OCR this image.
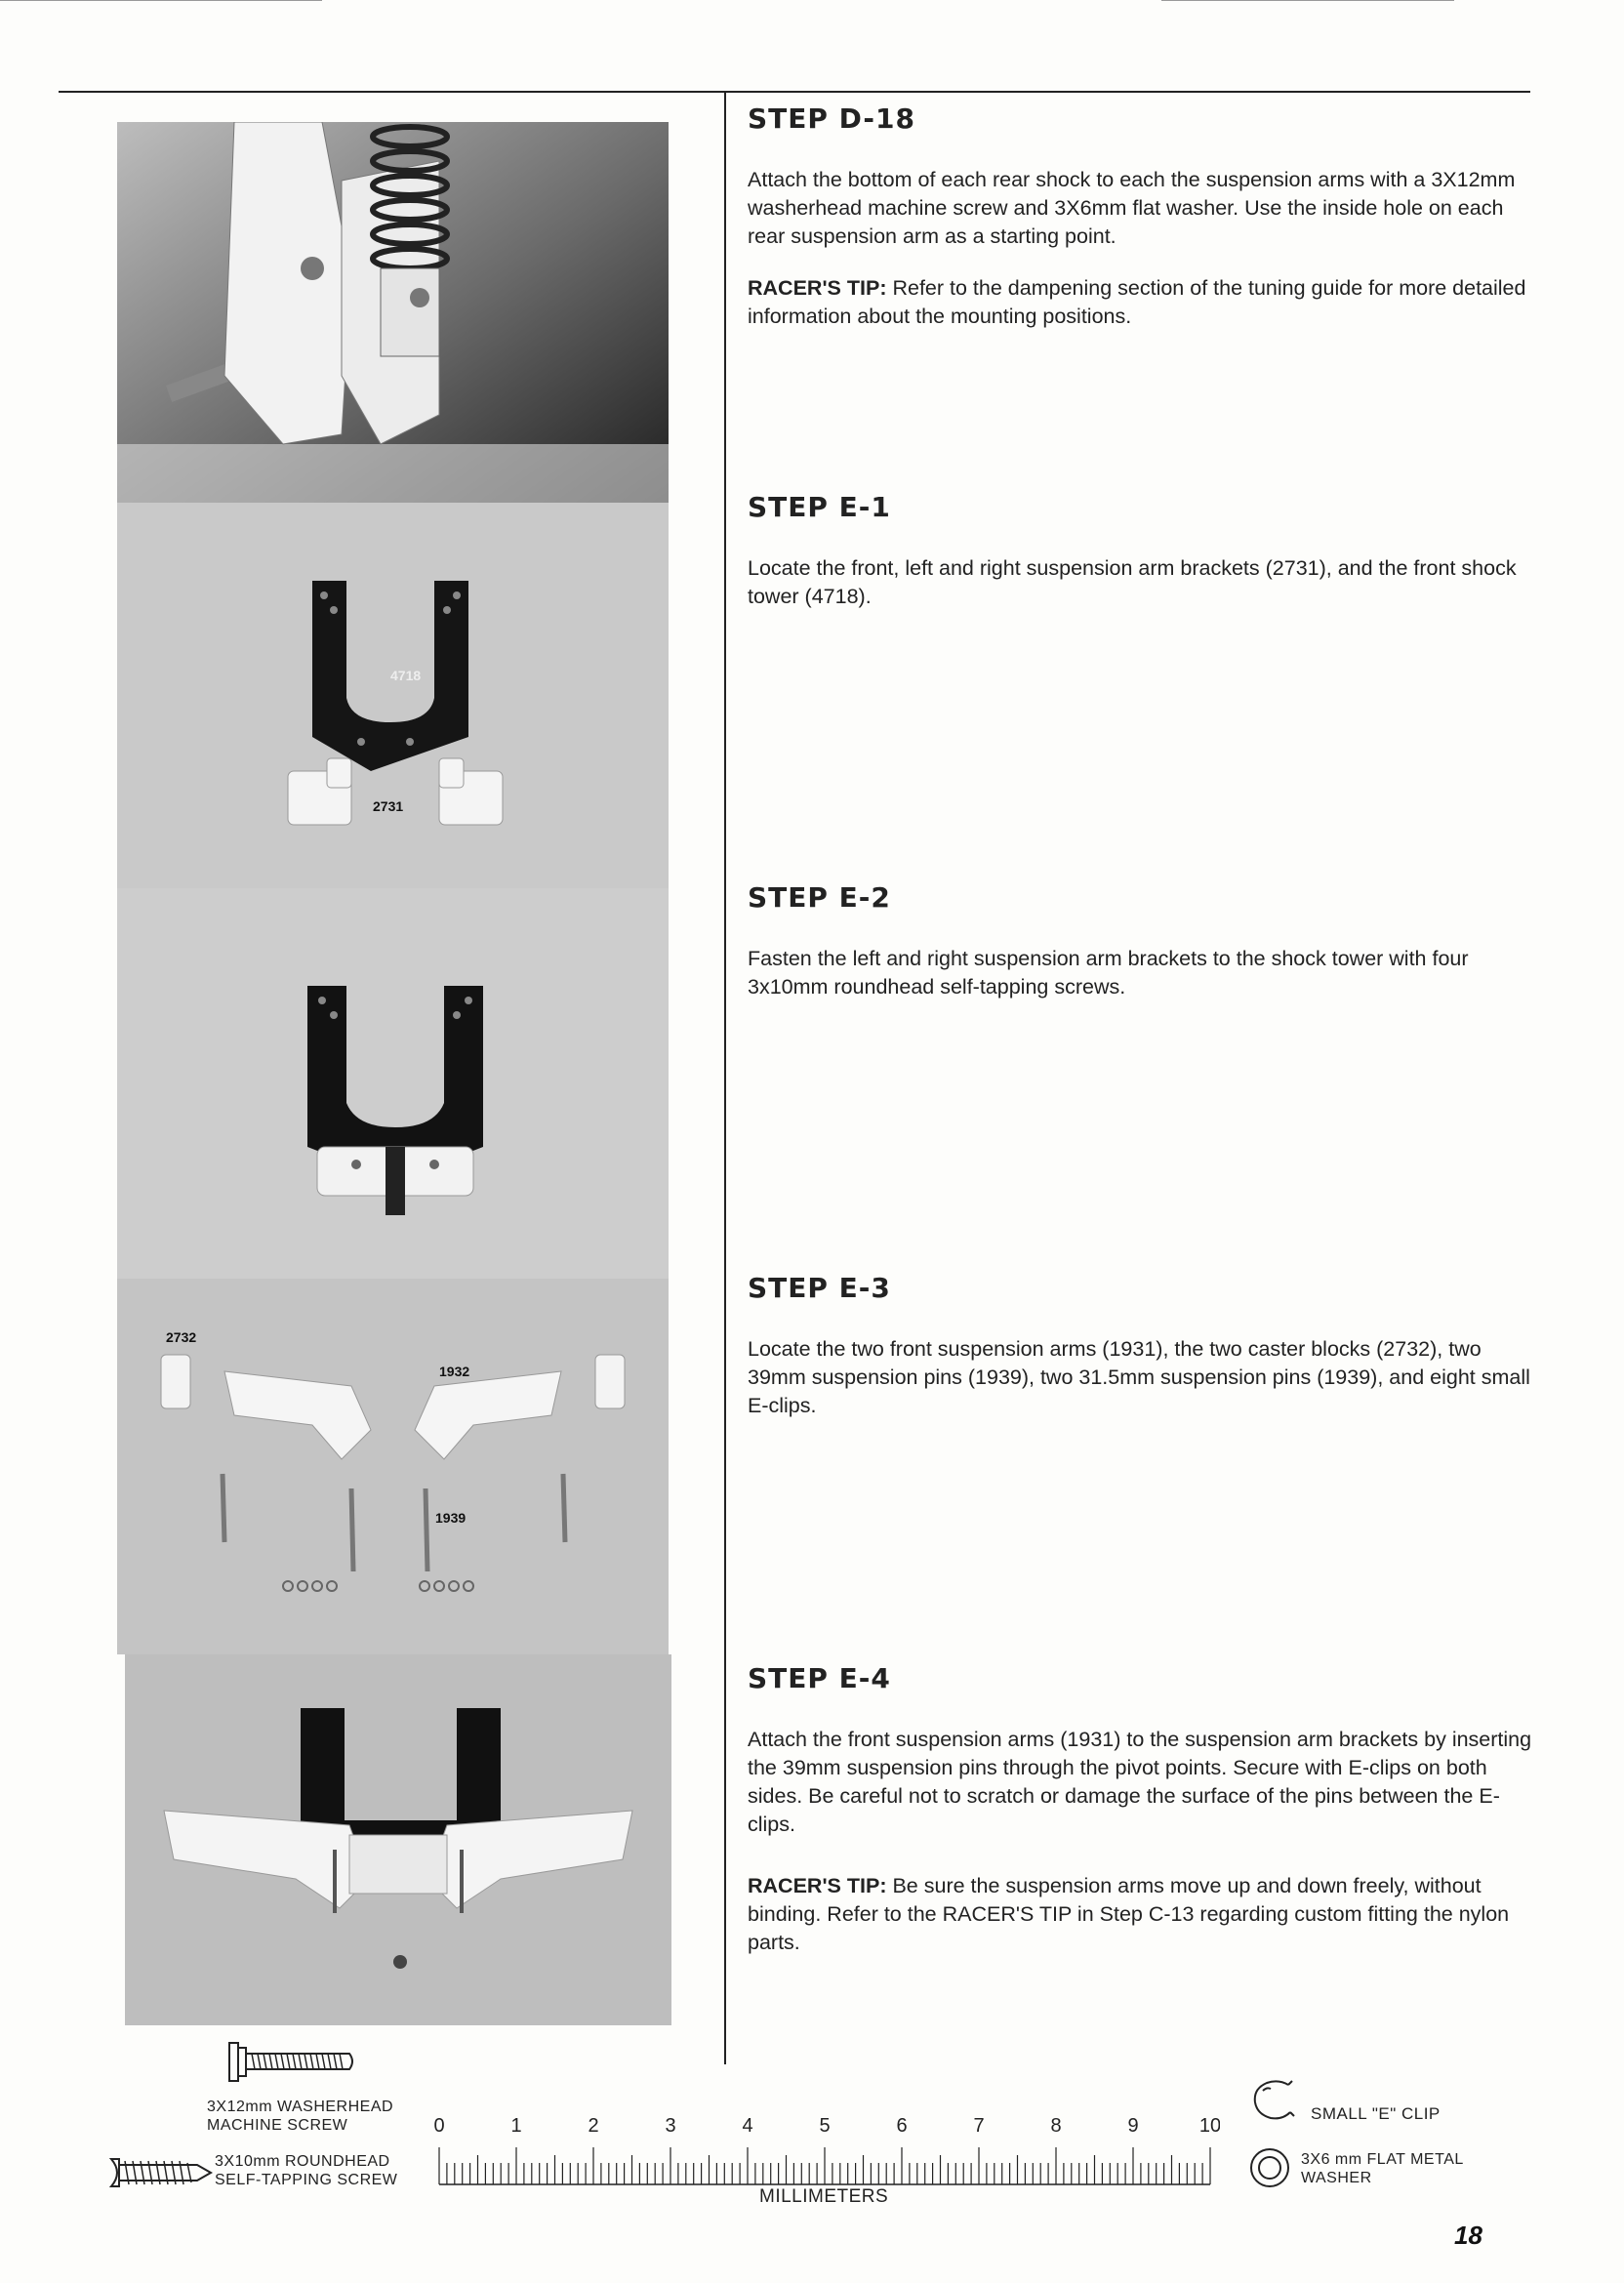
4718
2731
2732
1932
1939
STEP D-18

Attach the bottom of each rear shock to each the suspension arms with a 3X12mm washerhead machine screw and 3X6mm flat washer. Use the inside hole on each rear suspension arm as a starting point.

RACER'S TIP: Refer to the dampening section of the tuning guide for more detailed information about the mounting positions.

STEP E-1

Locate the front, left and right suspension arm brackets (2731), and the front shock tower (4718).

STEP E-2

Fasten the left and right suspension arm brackets to the shock tower with four 3x10mm roundhead self-tapping screws.

STEP E-3

Locate the two front suspension arms (1931), the two caster blocks (2732), two 39mm suspension pins (1939), two 31.5mm suspension pins (1939), and eight small E-clips.

STEP E-4

Attach the front suspension arms (1931) to the suspension arm brackets by inserting the 39mm suspension pins through the pivot points. Secure with E-clips on both sides. Be careful not to scratch or damage the surface of the pins between the E-clips.

RACER'S TIP: Be sure the suspension arms move up and down freely, without binding. Refer to the RACER'S TIP in Step C-13 regarding custom fitting the nylon parts.

3X12mm WASHERHEAD
MACHINE SCREW
3X10mm ROUNDHEAD
SELF-TAPPING SCREW
0	1	2	3	4	5	6	7	8	9	10
MILLIMETERS
SMALL "E" CLIP
3X6 mm FLAT METAL
WASHER
18
